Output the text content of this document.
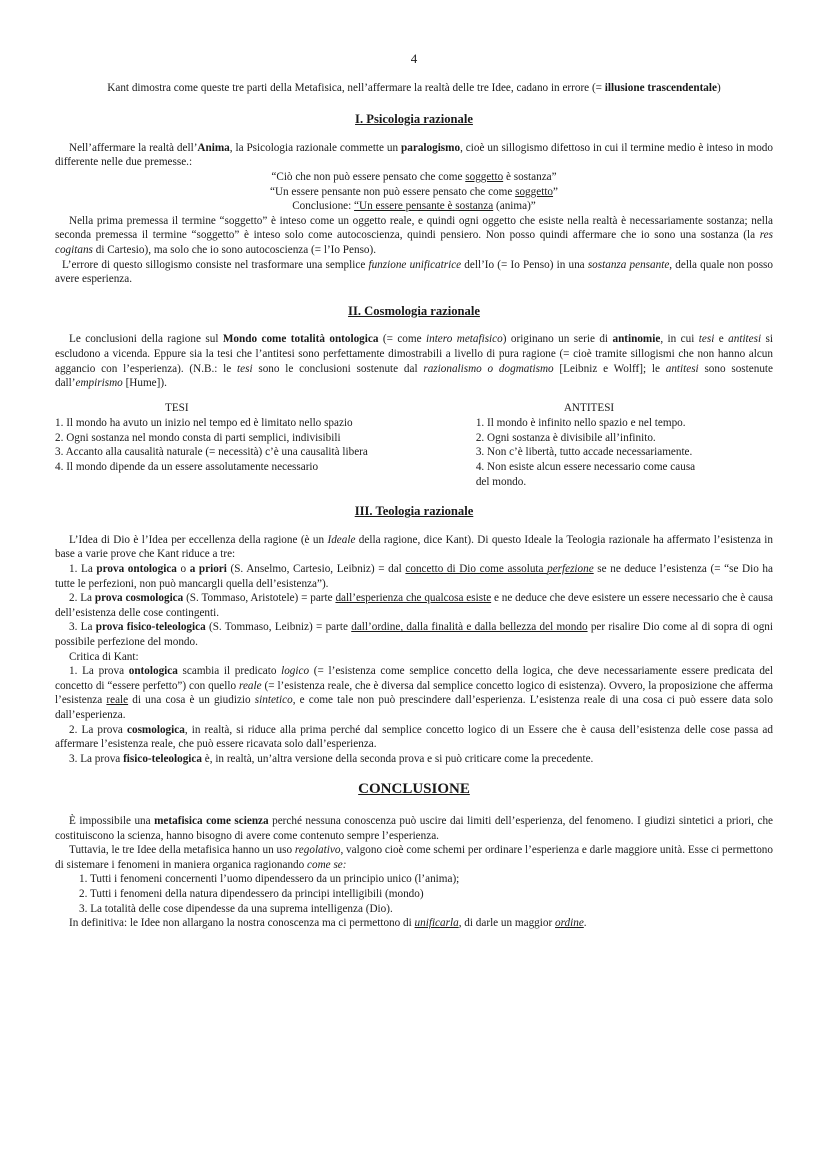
4

Kant dimostra come queste tre parti della Metafisica, nell’affermare la realtà delle tre Idee, cadano in errore (= illusione trascendentale)

I. Psicologia razionale

Nell’affermare la realtà dell’Anima, la Psicologia razionale commette un paralogismo, cioè un sillogismo difettoso in cui il termine medio è inteso in modo differente nelle due premesse.:

“Ciò che non può essere pensato che come soggetto è sostanza”

“Un essere pensante non può essere pensato che come soggetto”

Conclusione: “Un essere pensante è sostanza (anima)”

Nella prima premessa il termine “soggetto” è inteso come un oggetto reale, e quindi ogni oggetto che esiste nella realtà è necessariamente sostanza; nella seconda premessa il termine “soggetto” è inteso solo come autocoscienza, quindi pensiero. Non posso quindi affermare che io sono una sostanza (la res cogitans di Cartesio), ma solo che io sono autocoscienza (= l’Io Penso).

L’errore di questo sillogismo consiste nel trasformare una semplice funzione unificatrice dell’Io (= Io Penso) in una sostanza pensante, della quale non posso avere esperienza.

II. Cosmologia razionale

Le conclusioni della ragione sul Mondo come totalità ontologica (= come intero metafisico) originano un serie di antinomie, in cui tesi e antitesi si escludono a vicenda. Eppure sia la tesi che l’antitesi sono perfettamente dimostrabili a livello di pura ragione (= cioè tramite sillogismi che non hanno alcun aggancio con l’esperienza). (N.B.: le tesi sono le conclusioni sostenute dal razionalismo o dogmatismo [Leibniz e Wolff]; le antitesi sono sostenute dall’empirismo [Hume]).

TESI
1. Il mondo ha avuto un inizio nel tempo ed è limitato nello spazio
2. Ogni sostanza nel mondo consta di parti semplici, indivisibili
3. Accanto alla causalità naturale (= necessità) c’è una causalità libera
4. Il mondo dipende da un essere assolutamente necessario
ANTITESI
1. Il mondo è infinito nello spazio e nel tempo.
2. Ogni sostanza è divisibile all’infinito.
3. Non c’è libertà, tutto accade necessariamente.
4. Non esiste alcun essere necessario come causa
del mondo.
III. Teologia razionale

L’Idea di Dio è l’Idea per eccellenza della ragione (è un Ideale della ragione, dice Kant). Di questo Ideale la Teologia razionale ha affermato l’esistenza in base a varie prove che Kant riduce a tre:

1. La prova ontologica o a priori (S. Anselmo, Cartesio, Leibniz) = dal concetto di Dio come assoluta perfezione se ne deduce l’esistenza (= “se Dio ha tutte le perfezioni, non può mancargli quella dell’esistenza”).

2. La prova cosmologica (S. Tommaso, Aristotele) = parte dall’esperienza che qualcosa esiste e ne deduce che deve esistere un essere necessario che è causa dell’esistenza delle cose contingenti.

3. La prova fisico-teleologica (S. Tommaso, Leibniz) = parte dall’ordine, dalla finalità e dalla bellezza del mondo per risalire Dio come al di sopra di ogni possibile perfezione del mondo.

Critica di Kant:

1. La prova ontologica scambia il predicato logico (= l’esistenza come semplice concetto della logica, che deve necessariamente essere predicata del concetto di “essere perfetto”) con quello reale (= l’esistenza reale, che è diversa dal semplice concetto logico di esistenza). Ovvero, la proposizione che afferma l’esistenza reale di una cosa è un giudizio sintetico, e come tale non può prescindere dall’esperienza. L’esistenza reale di una cosa ci può essere data solo dall’esperienza.

2. La prova cosmologica, in realtà, si riduce alla prima perché dal semplice concetto logico di un Essere che è causa dell’esistenza delle cose passa ad affermare l’esistenza reale, che può essere ricavata solo dall’esperienza.

3. La prova fisico-teleologica è, in realtà, un’altra versione della seconda prova e si può criticare come la precedente.

CONCLUSIONE

È impossibile una metafisica come scienza perché nessuna conoscenza può uscire dai limiti dell’esperienza, del fenomeno. I giudizi sintetici a priori, che costituiscono la scienza, hanno bisogno di avere come contenuto sempre l’esperienza.

Tuttavia, le tre Idee della metafisica hanno un uso regolativo, valgono cioè come schemi per ordinare l’esperienza e darle maggiore unità. Esse ci permettono di sistemare i fenomeni in maniera organica ragionando come se:

1. Tutti i fenomeni concernenti l’uomo dipendessero da un principio unico (l’anima);

2. Tutti i fenomeni della natura dipendessero da principi intelligibili (mondo)

3. La totalità delle cose dipendesse da una suprema intelligenza (Dio).

In definitiva: le Idee non allargano la nostra conoscenza ma ci permettono di unificarla, di darle un maggior ordine.
